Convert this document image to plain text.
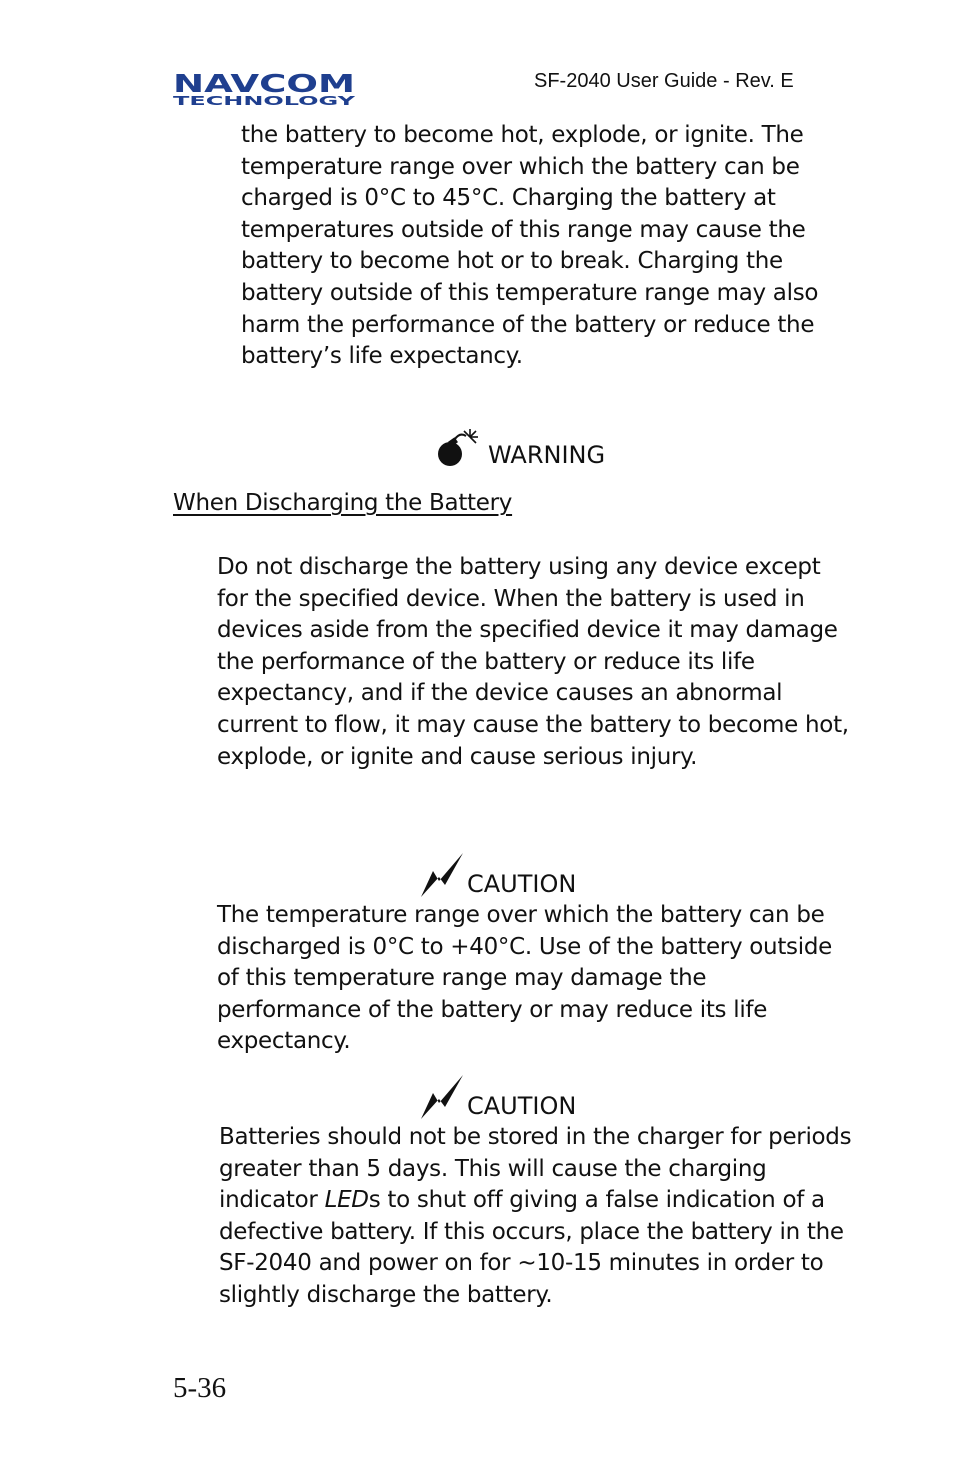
NAVCOM
TECHNOLOGY
SF-2040 User Guide - Rev. E

the battery to become hot, explode, or ignite. The temperature range over which the battery can be charged is 0°C to 45°C. Charging the battery at temperatures outside of this range may cause the battery to become hot or to break. Charging the battery outside of this temperature range may also harm the performance of the battery or reduce the battery’s life expectancy.

WARNING
When Discharging the Battery

Do not discharge the battery using any device except for the specified device. When the battery is used in devices aside from the specified device it may damage the performance of the battery or reduce its life expectancy, and if the device causes an abnormal current to flow, it may cause the battery to become hot, explode, or ignite and cause serious injury.

CAUTION

The temperature range over which the battery can be discharged is 0°C to +40°C. Use of the battery outside of this temperature range may damage the performance of the battery or may reduce its life expectancy.

CAUTION

Batteries should not be stored in the charger for periods greater than 5 days. This will cause the charging indicator LEDs to shut off giving a false indication of a defective battery. If this occurs, place the battery in the SF-2040 and power on for ~10-15 minutes in order to slightly discharge the battery.

5-36
